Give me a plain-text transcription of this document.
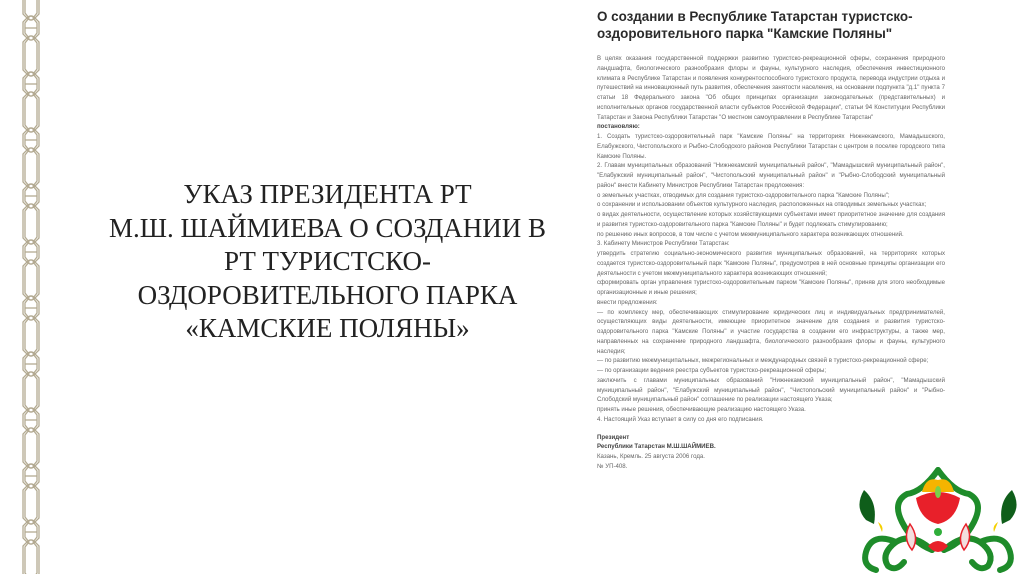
УКАЗ ПРЕЗИДЕНТА РТ
М.Ш. ШАЙМИЕВА О СОЗДАНИИ В
РТ ТУРИСТСКО-
ОЗДОРОВИТЕЛЬНОГО ПАРКА
«КАМСКИЕ ПОЛЯНЫ»
О создании в Республике Татарстан туристско-оздоровительного парка "Камские Поляны"

В целях оказания государственной поддержки развитию туристско-рекреационной сферы, сохранения природного ландшафта, биологического разнообразия флоры и фауны, культурного наследия, обеспечения инвестиционного климата в Республике Татарстан и появления конкурентоспособного туристского продукта, перевода индустрии отдыха и путешествий на инновационный путь развития, обеспечения занятости населения, на основании подпункта "д.1" пункта 7 статьи 18 Федерального закона "Об общих принципах организации законодательных (представительных) и исполнительных органов государственной власти субъектов Российской Федерации", статьи 94 Конституции Республики Татарстан и Закона Республики Татарстан "О местном самоуправлении в Республике Татарстан"

постановляю:

1. Создать туристско-оздоровительный парк "Камские Поляны" на территориях Нижнекамского, Мамадышского, Елабужского, Чистопольского и Рыбно-Слободского районов Республики Татарстан с центром в поселке городского типа Камские Поляны.

2. Главам муниципальных образований "Нижнекамский муниципальный район", "Мамадышский муниципальный район", "Елабужский муниципальный район", "Чистопольский муниципальный район" и "Рыбно-Слободский муниципальный район" внести Кабинету Министров Республики Татарстан предложения:

о земельных участках, отводимых для создания туристско-оздоровительного парка "Камские Поляны";

о сохранении и использовании объектов культурного наследия, расположенных на отводимых земельных участках;

о видах деятельности, осуществление которых хозяйствующими субъектами имеет приоритетное значение для создания и развития туристско-оздоровительного парка "Камские Поляны" и будет подлежать стимулированию;

по решению иных вопросов, в том числе с учетом межмуниципального характера возникающих отношений.

3. Кабинету Министров Республики Татарстан:

утвердить стратегию социально-экономического развития муниципальных образований, на территориях которых создается туристско-оздоровительный парк "Камские Поляны", предусмотрев в ней основные принципы организации его деятельности с учетом межмуниципального характера возникающих отношений;

сформировать орган управления туристско-оздоровительным парком "Камские Поляны", приняв для этого необходимые организационные и иные решения;

внести предложения:

— по комплексу мер, обеспечивающих стимулирование юридических лиц и индивидуальных предпринимателей, осуществляющих виды деятельности, имеющие приоритетное значение для создания и развития туристско-оздоровительного парка "Камские Поляны" и участие государства в создании его инфраструктуры, а также мер, направленных на сохранение природного ландшафта, биологического разнообразия флоры и фауны, культурного наследия;

— по развитию межмуниципальных, межрегиональных и международных связей в туристско-рекреационной сфере;

— по организации ведения реестра субъектов туристско-рекреационной сферы;

заключить с главами муниципальных образований "Нижнекамский муниципальный район", "Мамадышский муниципальный район", "Елабужский муниципальный район", "Чистопольский муниципальный район" и "Рыбно-Слободский муниципальный район" соглашение по реализации настоящего Указа;

принять иные решения, обеспечивающие реализацию настоящего Указа.

4. Настоящий Указ вступает в силу со дня его подписания.

Президент
Республики Татарстан М.Ш.ШАЙМИЕВ.
Казань, Кремль. 25 августа 2006 года.
№ УП-408.
